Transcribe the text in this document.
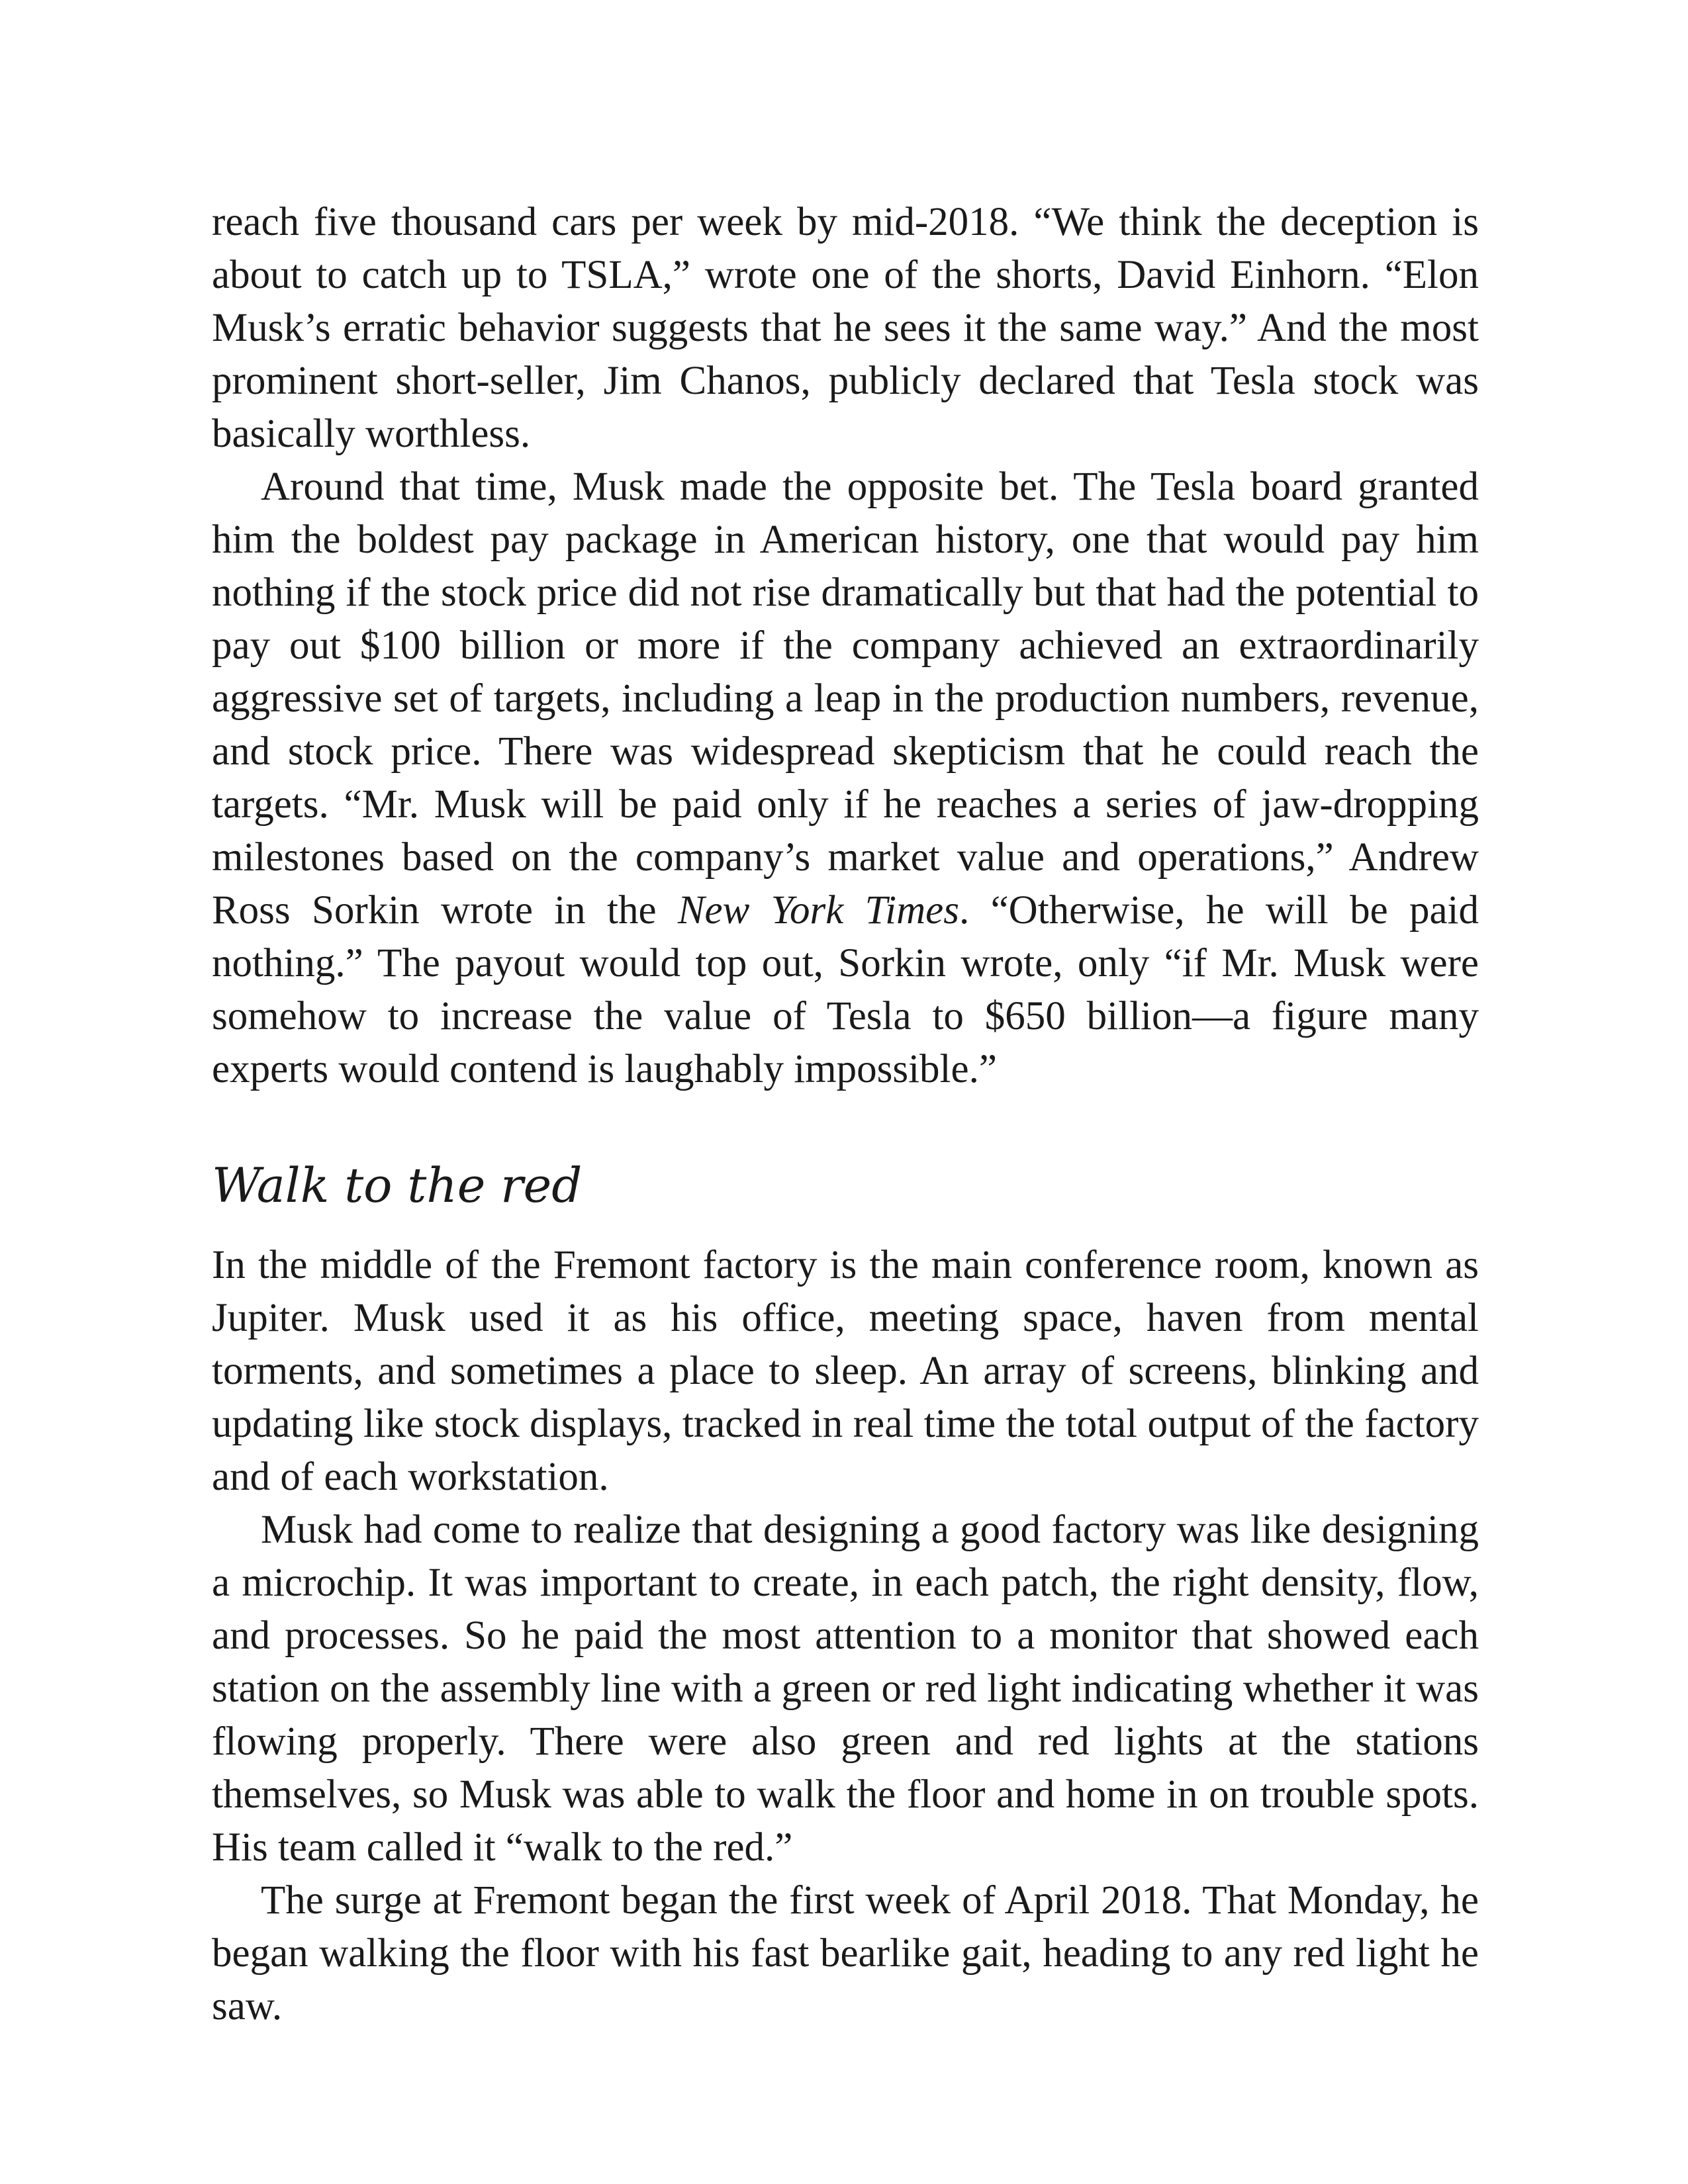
reach five thousand cars per week by mid-2018. “We think the deception is about to catch up to TSLA,” wrote one of the shorts, David Einhorn. “Elon Musk’s erratic behavior suggests that he sees it the same way.” And the most prominent short-seller, Jim Chanos, publicly declared that Tesla stock was basically worthless.

Around that time, Musk made the opposite bet. The Tesla board granted him the boldest pay package in American history, one that would pay him nothing if the stock price did not rise dramatically but that had the potential to pay out $100 billion or more if the company achieved an extraordinarily aggressive set of targets, including a leap in the production numbers, revenue, and stock price. There was widespread skepticism that he could reach the targets. “Mr. Musk will be paid only if he reaches a series of jaw-dropping milestones based on the company’s market value and operations,” Andrew Ross Sorkin wrote in the New York Times. “Otherwise, he will be paid nothing.” The payout would top out, Sorkin wrote, only “if Mr. Musk were somehow to increase the value of Tesla to $650 billion—a figure many experts would contend is laughably impossible.”

Walk to the red

In the middle of the Fremont factory is the main conference room, known as Jupiter. Musk used it as his office, meeting space, haven from mental torments, and sometimes a place to sleep. An array of screens, blinking and updating like stock displays, tracked in real time the total output of the factory and of each workstation.

Musk had come to realize that designing a good factory was like designing a microchip. It was important to create, in each patch, the right density, flow, and processes. So he paid the most attention to a monitor that showed each station on the assembly line with a green or red light indicating whether it was flowing properly. There were also green and red lights at the stations themselves, so Musk was able to walk the floor and home in on trouble spots. His team called it “walk to the red.”

The surge at Fremont began the first week of April 2018. That Monday, he began walking the floor with his fast bearlike gait, heading to any red light he saw.
